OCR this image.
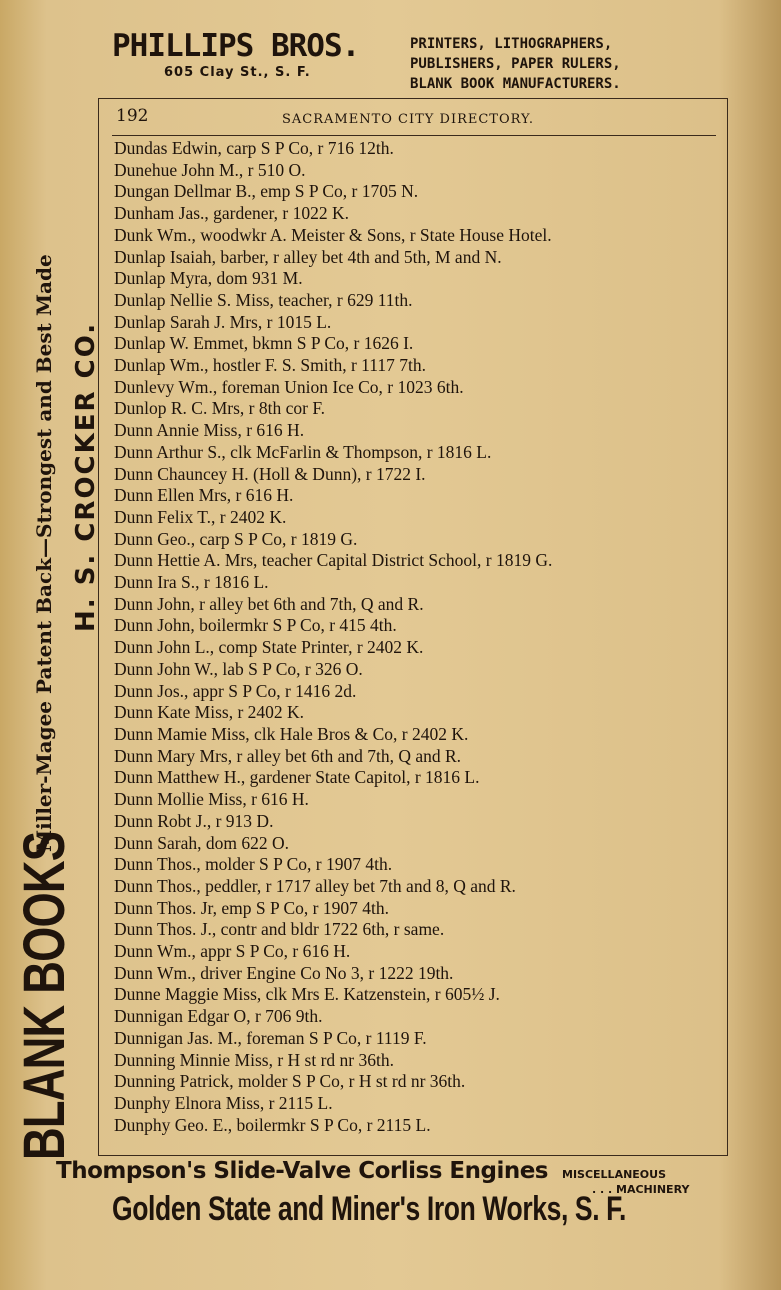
PHILLIPS BROS.
605 Clay St., S. F.
PRINTERS, LITHOGRAPHERS,
PUBLISHERS, PAPER RULERS,
BLANK BOOK MANUFACTURERS.
192	SACRAMENTO CITY DIRECTORY.
Dundas Edwin, carp S P Co, r 716 12th.
Dunehue John M., r 510 O.
Dungan Dellmar B., emp S P Co, r 1705 N.
Dunham Jas., gardener, r 1022 K.
Dunk Wm., woodwkr A. Meister & Sons, r State House Hotel.
Dunlap Isaiah, barber, r alley bet 4th and 5th, M and N.
Dunlap Myra, dom 931 M.
Dunlap Nellie S. Miss, teacher, r 629 11th.
Dunlap Sarah J. Mrs, r 1015 L.
Dunlap W. Emmet, bkmn S P Co, r 1626 I.
Dunlap Wm., hostler F. S. Smith, r 1117 7th.
Dunlevy Wm., foreman Union Ice Co, r 1023 6th.
Dunlop R. C. Mrs, r 8th cor F.
Dunn Annie Miss, r 616 H.
Dunn Arthur S., clk McFarlin & Thompson, r 1816 L.
Dunn Chauncey H. (Holl & Dunn), r 1722 I.
Dunn Ellen Mrs, r 616 H.
Dunn Felix T., r 2402 K.
Dunn Geo., carp S P Co, r 1819 G.
Dunn Hettie A. Mrs, teacher Capital District School, r 1819 G.
Dunn Ira S., r 1816 L.
Dunn John, r alley bet 6th and 7th, Q and R.
Dunn John, boilermkr S P Co, r 415 4th.
Dunn John L., comp State Printer, r 2402 K.
Dunn John W., lab S P Co, r 326 O.
Dunn Jos., appr S P Co, r 1416 2d.
Dunn Kate Miss, r 2402 K.
Dunn Mamie Miss, clk Hale Bros & Co, r 2402 K.
Dunn Mary Mrs, r alley bet 6th and 7th, Q and R.
Dunn Matthew H., gardener State Capitol, r 1816 L.
Dunn Mollie Miss, r 616 H.
Dunn Robt J., r 913 D.
Dunn Sarah, dom 622 O.
Dunn Thos., molder S P Co, r 1907 4th.
Dunn Thos., peddler, r 1717 alley bet 7th and 8, Q and R.
Dunn Thos. Jr, emp S P Co, r 1907 4th.
Dunn Thos. J., contr and bldr 1722 6th, r same.
Dunn Wm., appr S P Co, r 616 H.
Dunn Wm., driver Engine Co No 3, r 1222 19th.
Dunne Maggie Miss, clk Mrs E. Katzenstein, r 605½ J.
Dunnigan Edgar O, r 706 9th.
Dunnigan Jas. M., foreman S P Co, r 1119 F.
Dunning Minnie Miss, r H st rd nr 36th.
Dunning Patrick, molder S P Co, r H st rd nr 36th.
Dunphy Elnora Miss, r 2115 L.
Dunphy Geo. E., boilermkr S P Co, r 2115 L.
BLANK BOOKS
Miller-Magee Patent Back—Strongest and Best Made H. S. CROCKER CO.
Thompson's Slide-Valve Corliss Engines MISCELLANEOUS
. . . MACHINERY
Golden State and Miner's Iron Works, S. F.
